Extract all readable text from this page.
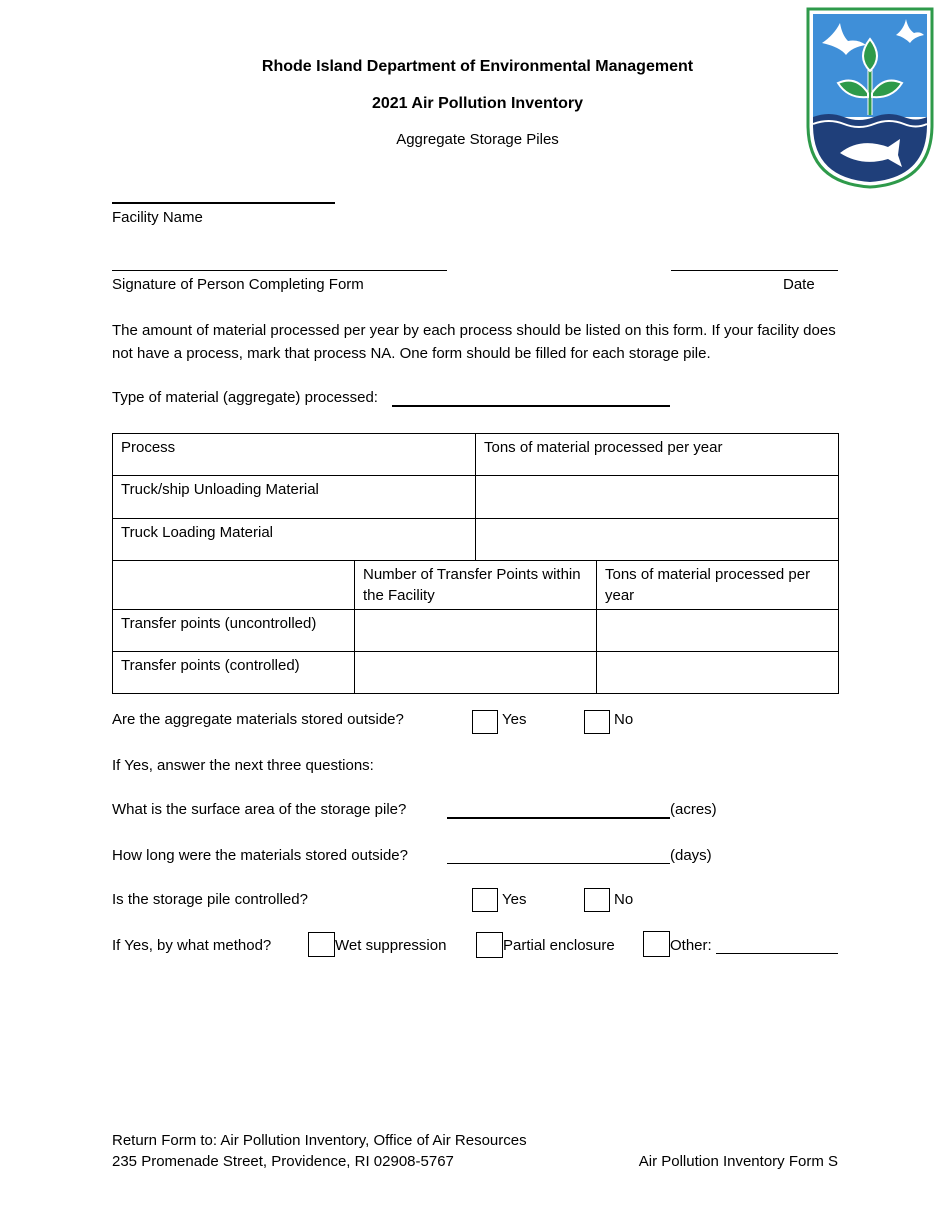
Rhode Island Department of Environmental Management
2021 Air Pollution Inventory
Aggregate Storage Piles
Facility Name
Signature of Person Completing Form	Date
The amount of material processed per year by each process should be listed on this form. If your facility does not have a process, mark that process NA. One form should be filled for each storage pile.
Type of material (aggregate) processed:
Process	Tons of material processed per year
Truck/ship Unloading Material	
Truck Loading Material	
	Number of Transfer Points within the Facility	Tons of material processed per year
Transfer points (uncontrolled)		
Transfer points (controlled)		
Are the aggregate materials stored outside?	Yes	No
If Yes, answer the next three questions:
What is the surface area of the storage pile?	(acres)
How long were the materials stored outside?	(days)
Is the storage pile controlled?	Yes	No
If Yes, by what method?	Wet suppression	Partial enclosure	Other:
Return Form to: Air Pollution Inventory, Office of Air Resources
235 Promenade Street, Providence, RI 02908-5767	Air Pollution Inventory Form S
